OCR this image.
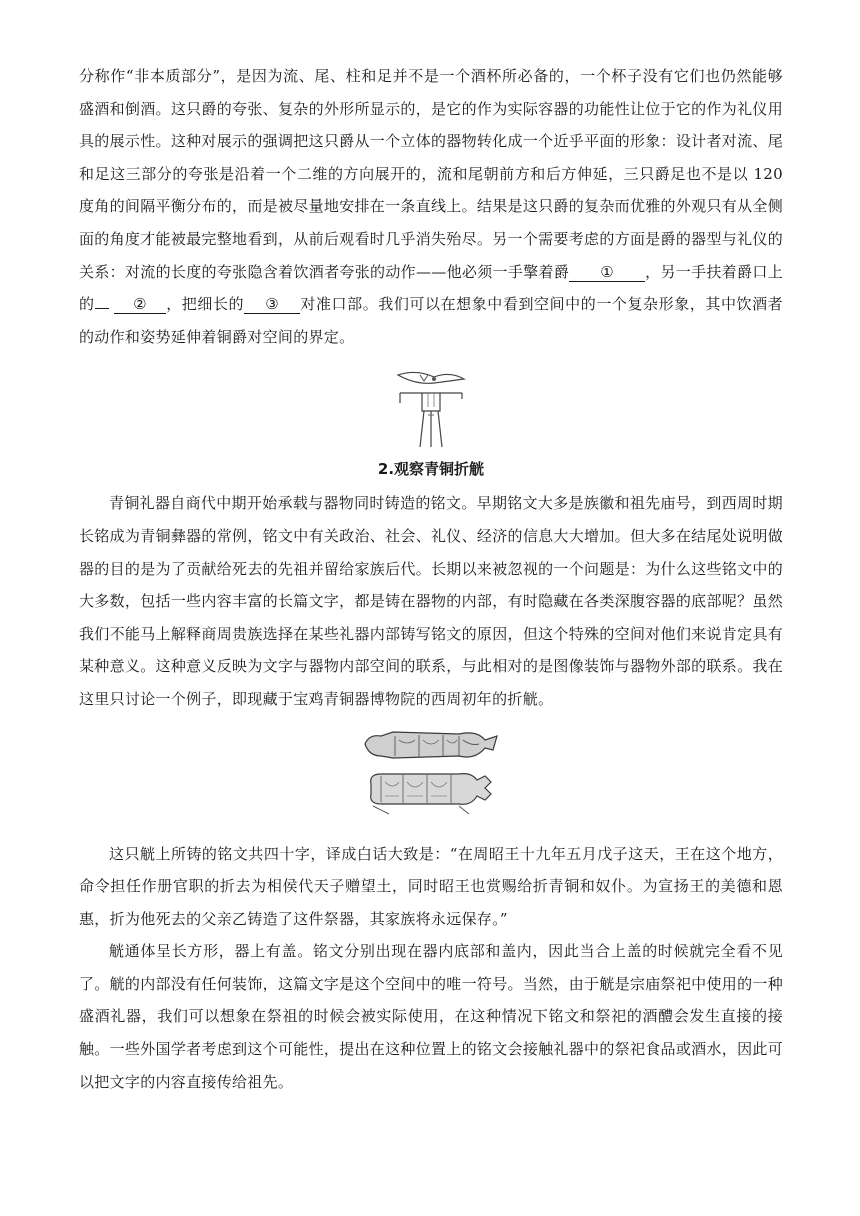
分称作“非本质部分”，是因为流、尾、柱和足并不是一个酒杯所必备的，一个杯子没有它们也仍然能够盛酒和倒酒。这只爵的夸张、复杂的外形所显示的，是它的作为实际容器的功能性让位于它的作为礼仪用具的展示性。这种对展示的强调把这只爵从一个立体的器物转化成一个近乎平面的形象：设计者对流、尾和足这三部分的夸张是沿着一个二维的方向展开的，流和尾朝前方和后方伸延，三只爵足也不是以 120 度角的间隔平衡分布的，而是被尽量地安排在一条直线上。结果是这只爵的复杂而优雅的外观只有从全侧面的角度才能被最完整地看到，从前后观看时几乎消失殆尽。另一个需要考虑的方面是爵的器型与礼仪的关系：对流的长度的夸张隐含着饮酒者夸张的动作——他必须一手擎着爵 ① ，另一手扶着爵口上的	② ，把细长的 ③ 对准口部。我们可以在想象中看到空间中的一个复杂形象，其中饮酒者的动作和姿势延伸着铜爵对空间的界定。

2.观察青铜折觥

青铜礼器自商代中期开始承载与器物同时铸造的铭文。早期铭文大多是族徽和祖先庙号，到西周时期长铭成为青铜彝器的常例，铭文中有关政治、社会、礼仪、经济的信息大大增加。但大多在结尾处说明做器的目的是为了贡献给死去的先祖并留给家族后代。长期以来被忽视的一个问题是：为什么这些铭文中的大多数，包括一些内容丰富的长篇文字，都是铸在器物的内部，有时隐藏在各类深腹容器的底部呢？虽然我们不能马上解释商周贵族选择在某些礼器内部铸写铭文的原因，但这个特殊的空间对他们来说肯定具有某种意义。这种意义反映为文字与器物内部空间的联系，与此相对的是图像装饰与器物外部的联系。我在这里只讨论一个例子，即现藏于宝鸡青铜器博物院的西周初年的折觥。

这只觥上所铸的铭文共四十字，译成白话大致是：“在周昭王十九年五月戊子这天，王在这个地方，命令担任作册官职的折去为相侯代天子赠望土，同时昭王也赏赐给折青铜和奴仆。为宣扬王的美德和恩惠，折为他死去的父亲乙铸造了这件祭器，其家族将永远保存。”

觥通体呈长方形，器上有盖。铭文分别出现在器内底部和盖内，因此当合上盖的时候就完全看不见了。觥的内部没有任何装饰，这篇文字是这个空间中的唯一符号。当然，由于觥是宗庙祭祀中使用的一种盛酒礼器，我们可以想象在祭祖的时候会被实际使用，在这种情况下铭文和祭祀的酒醴会发生直接的接触。一些外国学者考虑到这个可能性，提出在这种位置上的铭文会接触礼器中的祭祀食品或酒水，因此可以把文字的内容直接传给祖先。
